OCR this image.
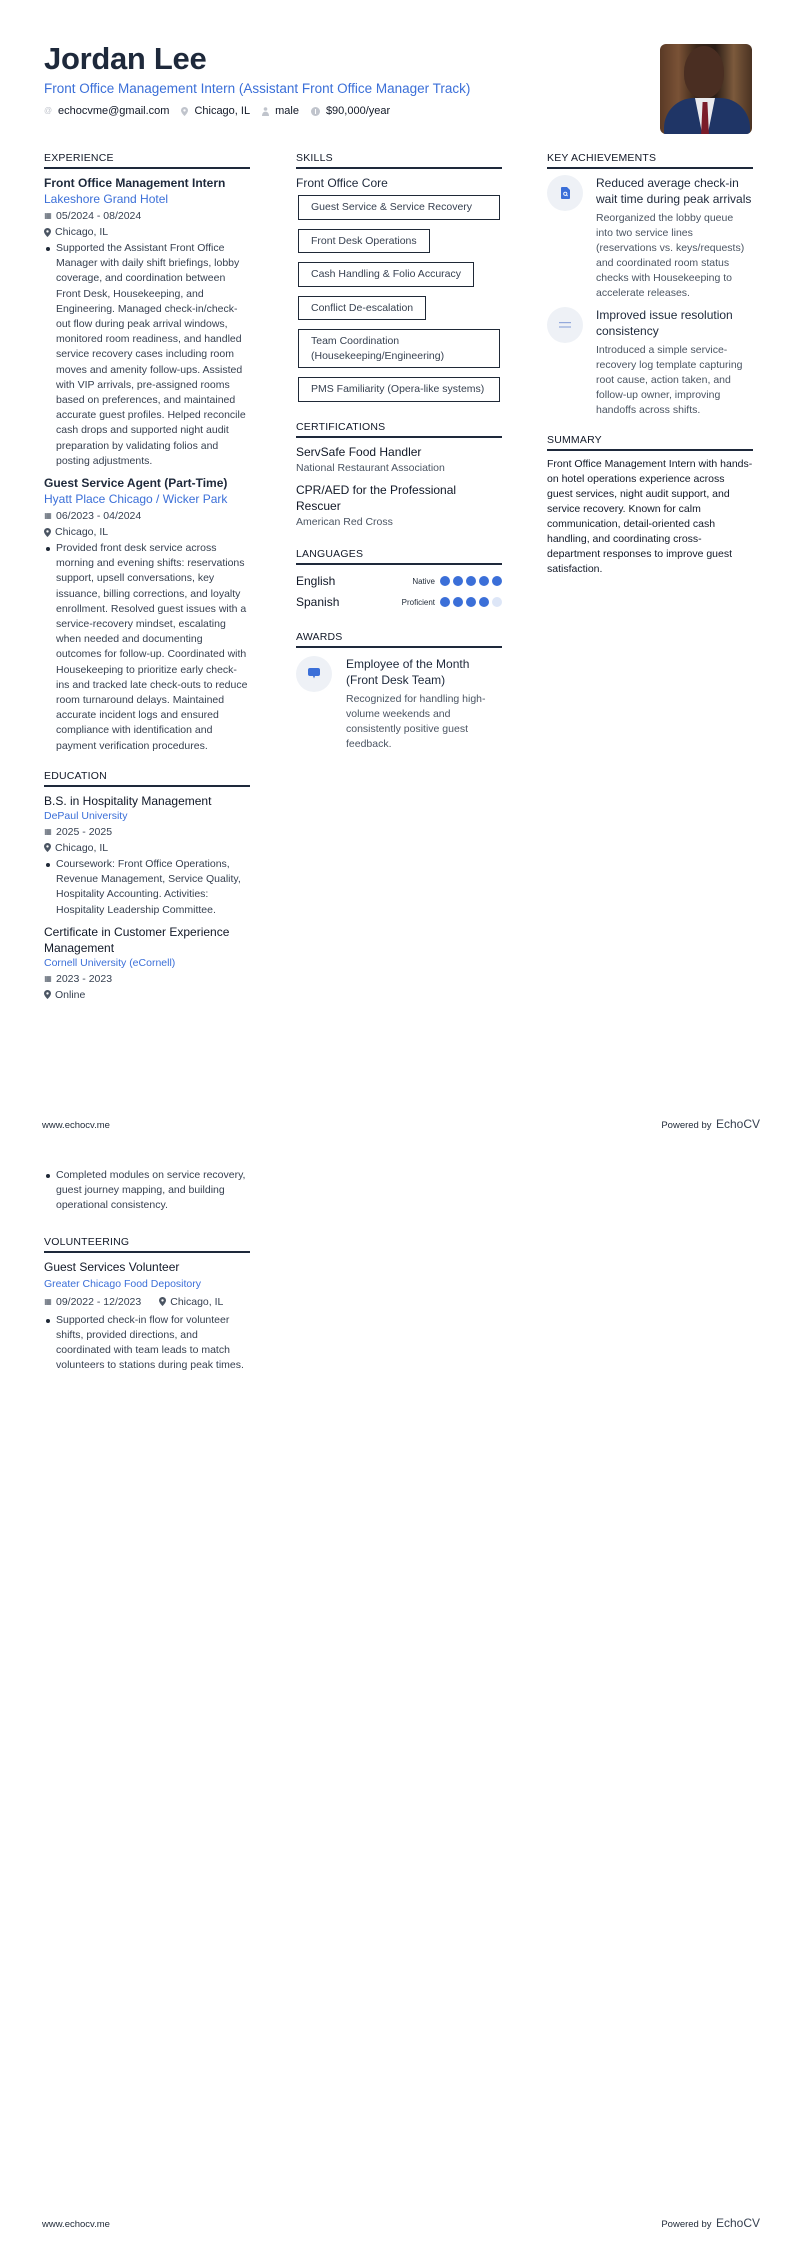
Jordan Lee
Front Office Management Intern (Assistant Front Office Manager Track)
@ echocvme@gmail.com Chicago, IL male $90,000/year
EXPERIENCE
Front Office Management Intern
Lakeshore Grand Hotel
▦ 05/2024 - 08/2024
Chicago, IL
Supported the Assistant Front Office Manager with daily shift briefings, lobby coverage, and coordination between Front Desk, Housekeeping, and Engineering. Managed check-in/check-out flow during peak arrival windows, monitored room readiness, and handled service recovery cases including room moves and amenity follow-ups. Assisted with VIP arrivals, pre-assigned rooms based on preferences, and maintained accurate guest profiles. Helped reconcile cash drops and supported night audit preparation by validating folios and posting adjustments.
Guest Service Agent (Part-Time)
Hyatt Place Chicago / Wicker Park
▦ 06/2023 - 04/2024
Chicago, IL
Provided front desk service across morning and evening shifts: reservations support, upsell conversations, key issuance, billing corrections, and loyalty enrollment. Resolved guest issues with a service-recovery mindset, escalating when needed and documenting outcomes for follow-up. Coordinated with Housekeeping to prioritize early check-ins and tracked late check-outs to reduce room turnaround delays. Maintained accurate incident logs and ensured compliance with identification and payment verification procedures.
EDUCATION
B.S. in Hospitality Management
DePaul University
▦ 2025 - 2025
Chicago, IL
Coursework: Front Office Operations, Revenue Management, Service Quality, Hospitality Accounting. Activities: Hospitality Leadership Committee.
Certificate in Customer Experience Management
Cornell University (eCornell)
▦ 2023 - 2023
Online
SKILLS
Front Office Core
Guest Service & Service Recovery
Front Desk Operations
Cash Handling & Folio Accuracy
Conflict De-escalation
Team Coordination (Housekeeping/Engineering)
PMS Familiarity (Opera-like systems)
CERTIFICATIONS
ServSafe Food Handler
National Restaurant Association
CPR/AED for the Professional Rescuer
American Red Cross
LANGUAGES
English	Native
Spanish	Proficient
AWARDS
Employee of the Month (Front Desk Team)
Recognized for handling high-volume weekends and consistently positive guest feedback.
KEY ACHIEVEMENTS
Reduced average check-in wait time during peak arrivals
Reorganized the lobby queue into two service lines (reservations vs. keys/requests) and coordinated room status checks with Housekeeping to accelerate releases.
Improved issue resolution consistency
Introduced a simple service-recovery log template capturing root cause, action taken, and follow-up owner, improving handoffs across shifts.
SUMMARY
Front Office Management Intern with hands-on hotel operations experience across guest services, night audit support, and service recovery. Known for calm communication, detail-oriented cash handling, and coordinating cross-department responses to improve guest satisfaction.
www.echocv.me	Powered by EchoCV
Completed modules on service recovery, guest journey mapping, and building operational consistency.
VOLUNTEERING
Guest Services Volunteer
Greater Chicago Food Depository
▦ 09/2022 - 12/2023	Chicago, IL
Supported check-in flow for volunteer shifts, provided directions, and coordinated with team leads to match volunteers to stations during peak times.
www.echocv.me	Powered by EchoCV
